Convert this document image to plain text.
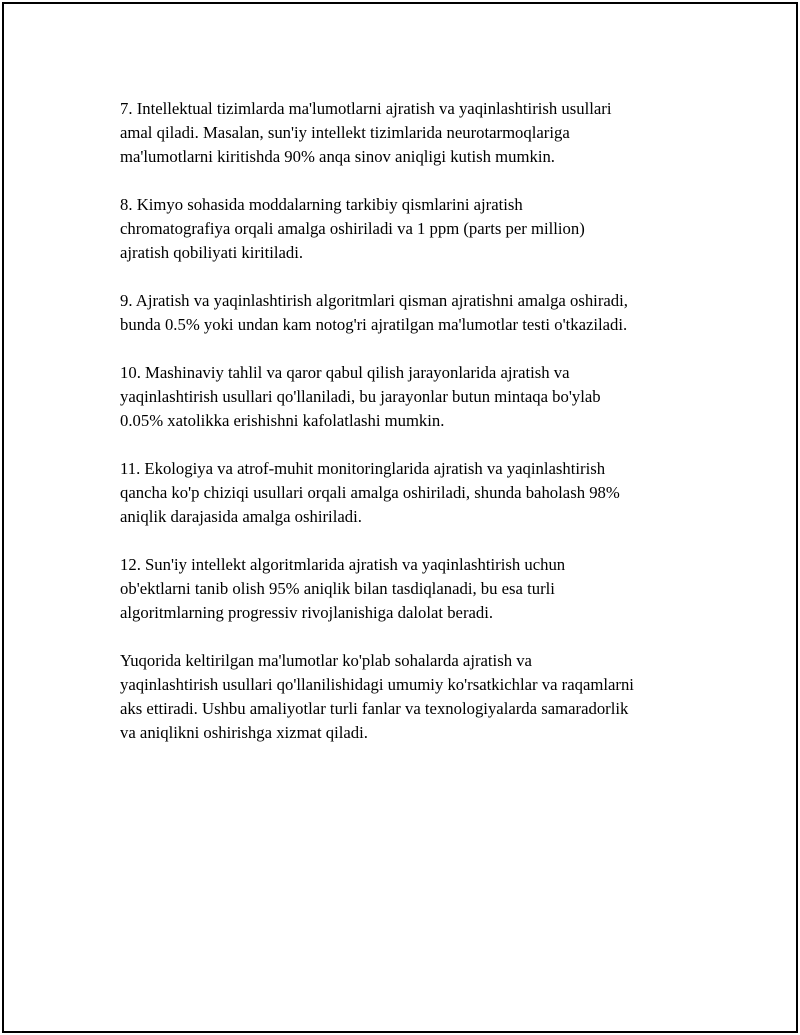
7. Intellektual tizimlarda ma'lumotlarni ajratish va yaqinlashtirish usullari
amal qiladi. Masalan, sun'iy intellekt tizimlarida neurotarmoqlariga
ma'lumotlarni kiritishda 90% anqa sinov aniqligi kutish mumkin.

8. Kimyo sohasida moddalarning tarkibiy qismlarini ajratish
chromatografiya orqali amalga oshiriladi va 1 ppm (parts per million)
ajratish qobiliyati kiritiladi.

9. Ajratish va yaqinlashtirish algoritmlari qisman ajratishni amalga oshiradi,
bunda 0.5% yoki undan kam notog'ri ajratilgan ma'lumotlar testi o'tkaziladi.

10. Mashinaviy tahlil va qaror qabul qilish jarayonlarida ajratish va
yaqinlashtirish usullari qo'llaniladi, bu jarayonlar butun mintaqa bo'ylab
0.05% xatolikka erishishni kafolatlashi mumkin.

11. Ekologiya va atrof-muhit monitoringlarida ajratish va yaqinlashtirish
qancha ko'p chiziqi usullari orqali amalga oshiriladi, shunda baholash 98%
aniqlik darajasida amalga oshiriladi.

12. Sun'iy intellekt algoritmlarida ajratish va yaqinlashtirish uchun
ob'ektlarni tanib olish 95% aniqlik bilan tasdiqlanadi, bu esa turli
algoritmlarning progressiv rivojlanishiga dalolat beradi.

Yuqorida keltirilgan ma'lumotlar ko'plab sohalarda ajratish va
yaqinlashtirish usullari qo'llanilishidagi umumiy ko'rsatkichlar va raqamlarni
aks ettiradi. Ushbu amaliyotlar turli fanlar va texnologiyalarda samaradorlik
va aniqlikni oshirishga xizmat qiladi.
